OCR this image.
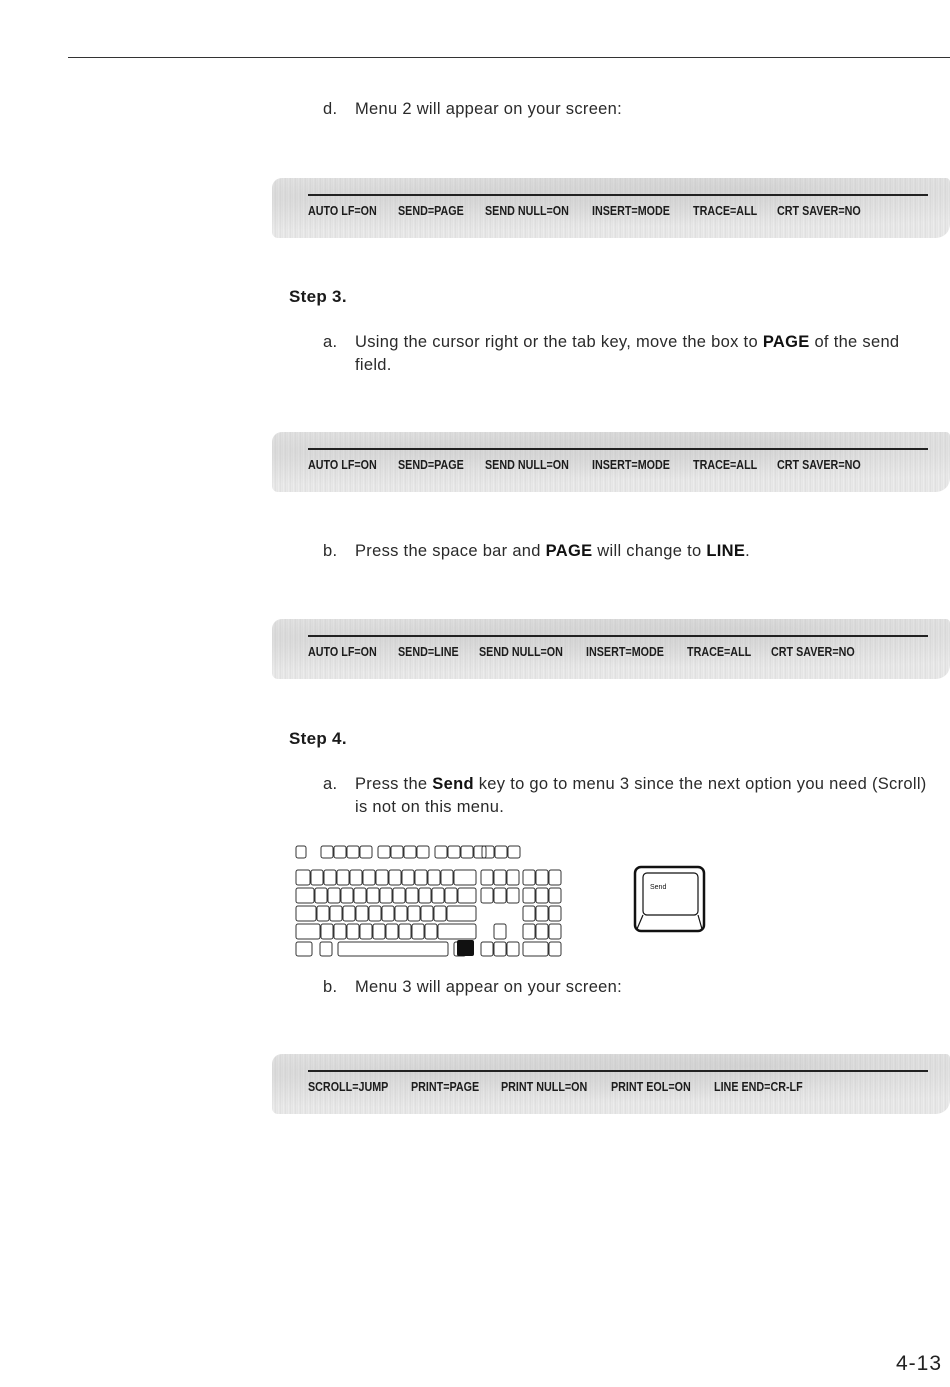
d. Menu 2 will appear on your screen:
AUTO LF=ON SEND=PAGE SEND NULL=ON INSERT=MODE TRACE=ALL CRT SAVER=NO
Step 3.
a. Using the cursor right or the tab key, move the box to PAGE of the send field.
AUTO LF=ON SEND=PAGE SEND NULL=ON INSERT=MODE TRACE=ALL CRT SAVER=NO
b. Press the space bar and PAGE will change to LINE.
AUTO LF=ON SEND=LINE SEND NULL=ON INSERT=MODE TRACE=ALL CRT SAVER=NO
Step 4.
a. Press the Send key to go to menu 3 since the next option you need (Scroll) is not on this menu.
Send
b. Menu 3 will appear on your screen:
SCROLL=JUMP PRINT=PAGE PRINT NULL=ON PRINT EOL=ON LINE END=CR-LF
4-13
